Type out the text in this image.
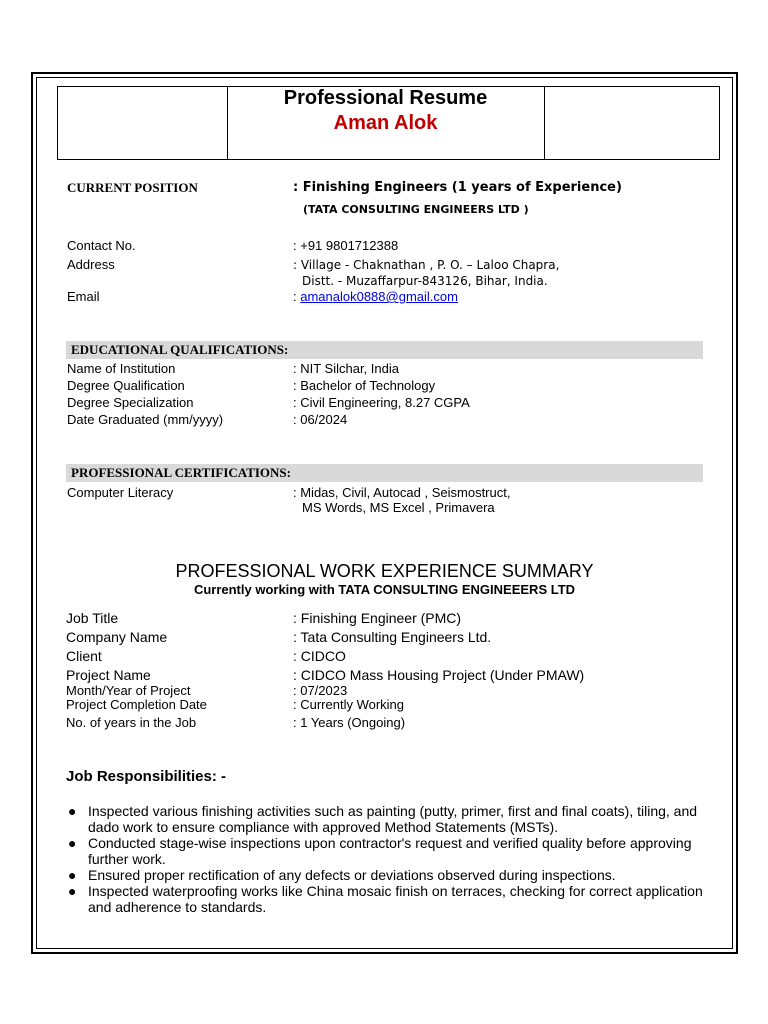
Professional Resume
Aman Alok
CURRENT POSITION	: Finishing Engineers (1 years of Experience)
(TATA CONSULTING ENGINEERS LTD )
Contact No.	: +91 9801712388
Address	: Village - Chaknathan , P. O. – Laloo Chapra,
Distt. - Muzaffarpur-843126, Bihar, India.
Email	: amanalok0888@gmail.com
EDUCATIONAL QUALIFICATIONS:
Name of Institution	: NIT Silchar, India
Degree Qualification	: Bachelor of Technology
Degree Specialization	: Civil Engineering, 8.27 CGPA
Date Graduated (mm/yyyy)	: 06/2024
PROFESSIONAL CERTIFICATIONS:
Computer Literacy	: Midas, Civil, Autocad , Seismostruct,
MS Words, MS Excel , Primavera
PROFESSIONAL WORK EXPERIENCE SUMMARY
Currently working with TATA CONSULTING ENGINEEERS LTD
Job Title	: Finishing Engineer (PMC)
Company Name	: Tata Consulting Engineers Ltd.
Client	: CIDCO
Project Name	: CIDCO Mass Housing Project (Under PMAW)
Month/Year of Project	: 07/2023
Project Completion Date	: Currently Working
No. of years in the Job	: 1 Years (Ongoing)
Job Responsibilities: -
● Inspected various finishing activities such as painting (putty, primer, first and final coats), tiling, and dado work to ensure compliance with approved Method Statements (MSTs).
● Conducted stage-wise inspections upon contractor's request and verified quality before approving further work.
● Ensured proper rectification of any defects or deviations observed during inspections.
● Inspected waterproofing works like China mosaic finish on terraces, checking for correct application and adherence to standards.
